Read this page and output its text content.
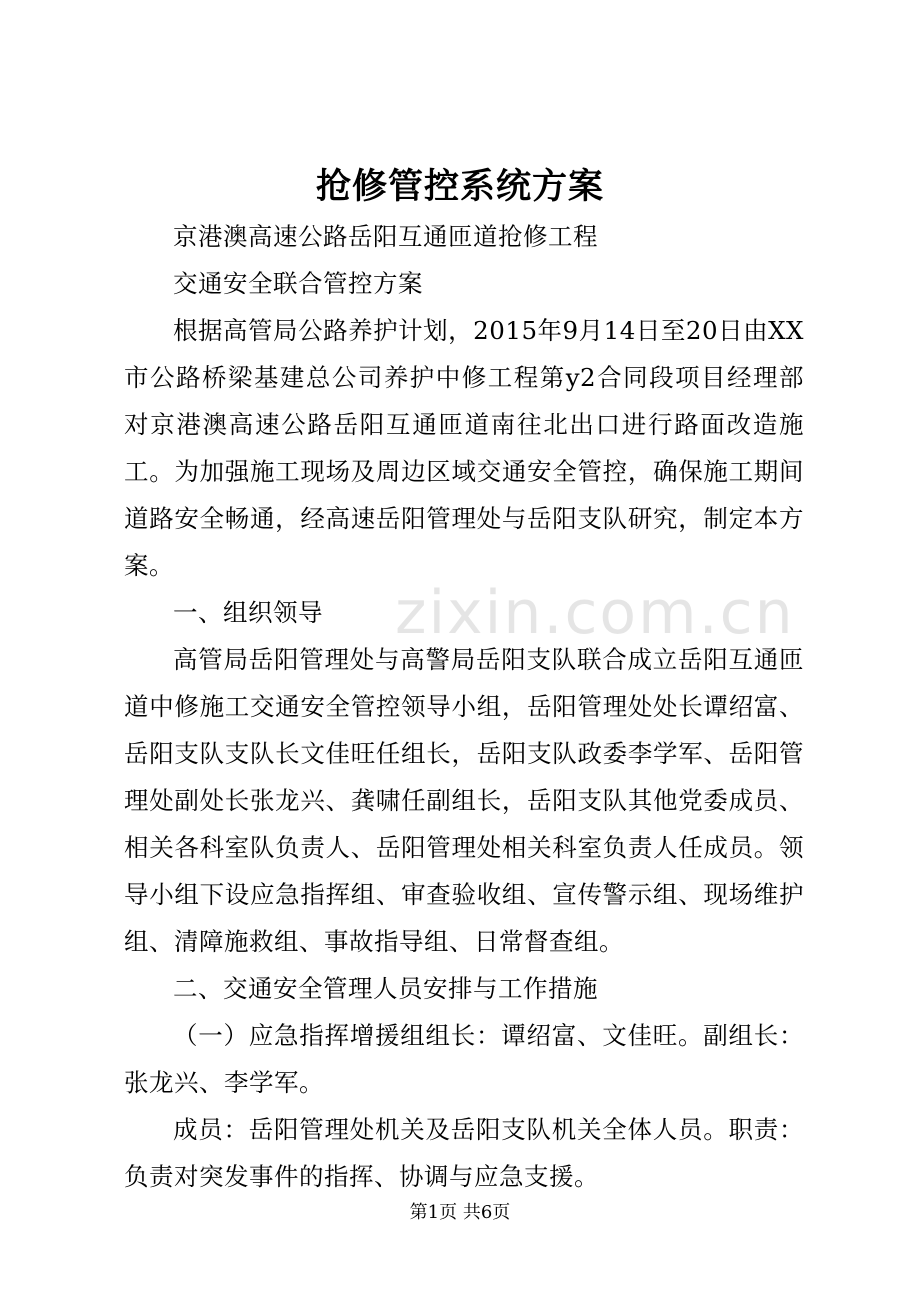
zixin.com.cn
抢修管控系统方案

京港澳高速公路岳阳互通匝道抢修工程

交通安全联合管控方案

根据高管局公路养护计划，2015年9月14日至20日由XX市公路桥梁基建总公司养护中修工程第y2合同段项目经理部对京港澳高速公路岳阳互通匝道南往北出口进行路面改造施工。为加强施工现场及周边区域交通安全管控，确保施工期间道路安全畅通，经高速岳阳管理处与岳阳支队研究，制定本方案。

一、组织领导

高管局岳阳管理处与高警局岳阳支队联合成立岳阳互通匝道中修施工交通安全管控领导小组，岳阳管理处处长谭绍富、岳阳支队支队长文佳旺任组长，岳阳支队政委李学军、岳阳管理处副处长张龙兴、龚啸任副组长，岳阳支队其他党委成员、相关各科室队负责人、岳阳管理处相关科室负责人任成员。领导小组下设应急指挥组、审查验收组、宣传警示组、现场维护组、清障施救组、事故指导组、日常督查组。

二、交通安全管理人员安排与工作措施

（一）应急指挥增援组组长：谭绍富、文佳旺。副组长：张龙兴、李学军。

成员：岳阳管理处机关及岳阳支队机关全体人员。职责：负责对突发事件的指挥、协调与应急支援。

第1页 共6页
